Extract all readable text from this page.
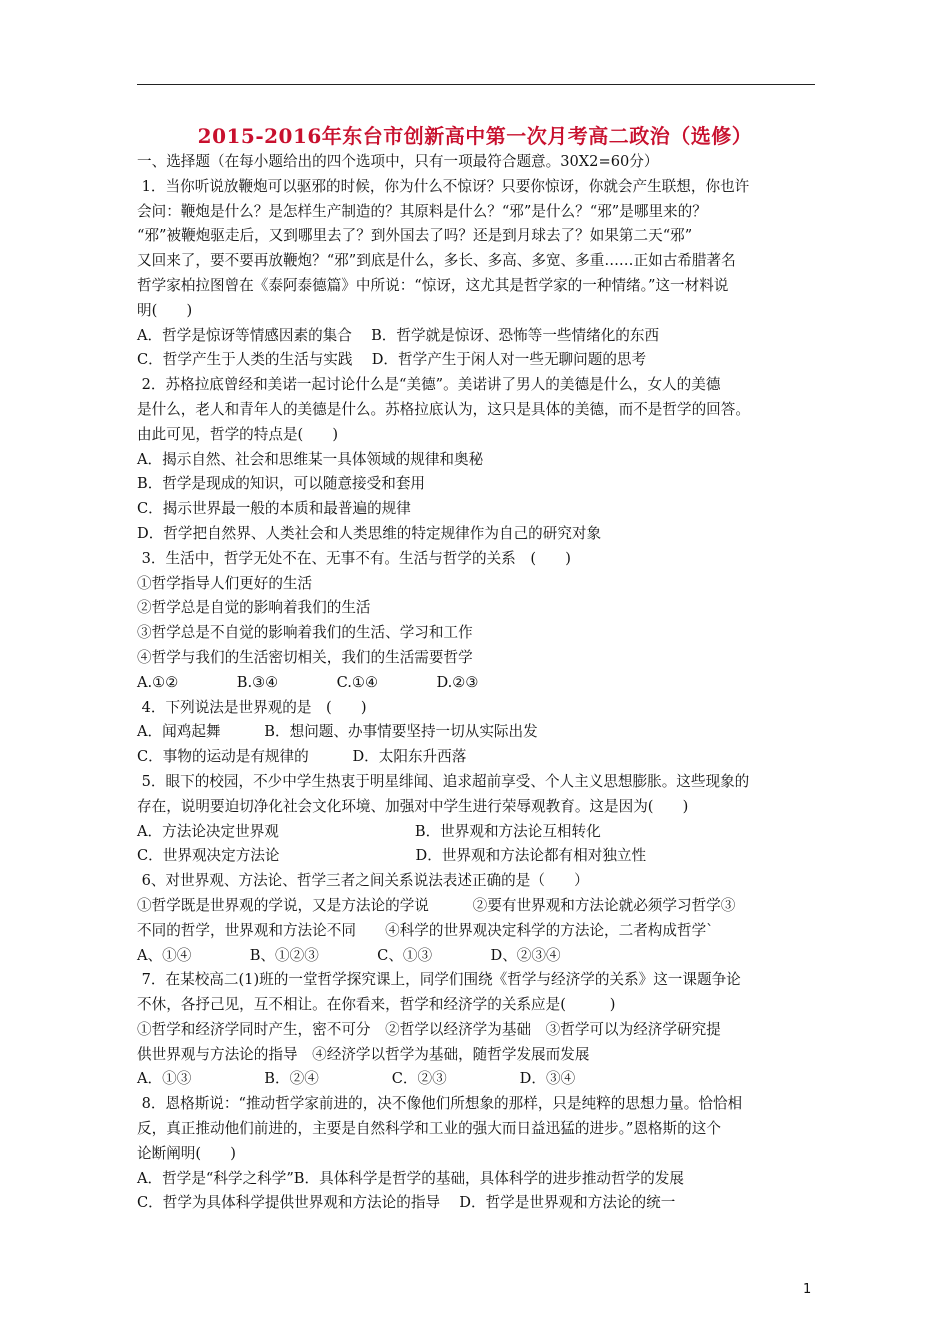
2015-2016年东台市创新高中第一次月考高二政治（选修）
一、选择题（在每小题给出的四个选项中，只有一项最符合题意。30X2=60分）
1．当你听说放鞭炮可以驱邪的时候，你为什么不惊讶？只要你惊讶，你就会产生联想，你也许
会问：鞭炮是什么？是怎样生产制造的？其原料是什么？“邪”是什么？“邪”是哪里来的？
“邪”被鞭炮驱走后，又到哪里去了？到外国去了吗？还是到月球去了？如果第二天“邪”
又回来了，要不要再放鞭炮？“邪”到底是什么，多长、多高、多宽、多重……正如古希腊著名
哲学家柏拉图曾在《泰阿泰德篇》中所说：“惊讶，这尤其是哲学家的一种情绪。”这一材料说
明(　　)
A．哲学是惊讶等情感因素的集合　 B．哲学就是惊讶、恐怖等一些情绪化的东西
C．哲学产生于人类的生活与实践　 D．哲学产生于闲人对一些无聊问题的思考
2．苏格拉底曾经和美诺一起讨论什么是“美德”。美诺讲了男人的美德是什么，女人的美德
是什么，老人和青年人的美德是什么。苏格拉底认为，这只是具体的美德，而不是哲学的回答。
由此可见，哲学的特点是(　　)
A．揭示自然、社会和思维某一具体领域的规律和奥秘
B．哲学是现成的知识，可以随意接受和套用
C．揭示世界最一般的本质和最普遍的规律
D．哲学把自然界、人类社会和人类思维的特定规律作为自己的研究对象
3．生活中，哲学无处不在、无事不有。生活与哲学的关系　(　　)
①哲学指导人们更好的生活
②哲学总是自觉的影响着我们的生活
③哲学总是不自觉的影响着我们的生活、学习和工作
④哲学与我们的生活密切相关，我们的生活需要哲学
A.①②　　　　B.③④　　　　C.①④　　　　D.②③
4．下列说法是世界观的是　(　　)
A．闻鸡起舞　　　B．想问题、办事情要坚持一切从实际出发
C．事物的运动是有规律的　　　D．太阳东升西落
5．眼下的校园，不少中学生热衷于明星绯闻、追求超前享受、个人主义思想膨胀。这些现象的
存在，说明要迫切净化社会文化环境、加强对中学生进行荣辱观教育。这是因为(　　)
A．方法论决定世界观　　　　　　　　　 B．世界观和方法论互相转化
C．世界观决定方法论　　　　　　　　　 D．世界观和方法论都有相对独立性
6、对世界观、方法论、哲学三者之间关系说法表述正确的是（　　）
①哲学既是世界观的学说，又是方法论的学说　　　②要有世界观和方法论就必须学习哲学③
不同的哲学，世界观和方法论不同　　④科学的世界观决定科学的方法论，二者构成哲学`
A、①④　　　　B、①②③　　　　C、①③　　　　D、②③④
7．在某校高二(1)班的一堂哲学探究课上，同学们围绕《哲学与经济学的关系》这一课题争论
不休，各抒己见，互不相让。在你看来，哲学和经济学的关系应是(　　　)
①哲学和经济学同时产生，密不可分　②哲学以经济学为基础　③哲学可以为经济学研究提
供世界观与方法论的指导　④经济学以哲学为基础，随哲学发展而发展
A．①③　　　　　B．②④　　　　　C．②③　　　　　D．③④
8．恩格斯说：“推动哲学家前进的，决不像他们所想象的那样，只是纯粹的思想力量。恰恰相
反，真正推动他们前进的，主要是自然科学和工业的强大而日益迅猛的进步。”恩格斯的这个
论断阐明(　　)
A．哲学是“科学之科学”B．具体科学是哲学的基础，具体科学的进步推动哲学的发展
C．哲学为具体科学提供世界观和方法论的指导　 D．哲学是世界观和方法论的统一
1
